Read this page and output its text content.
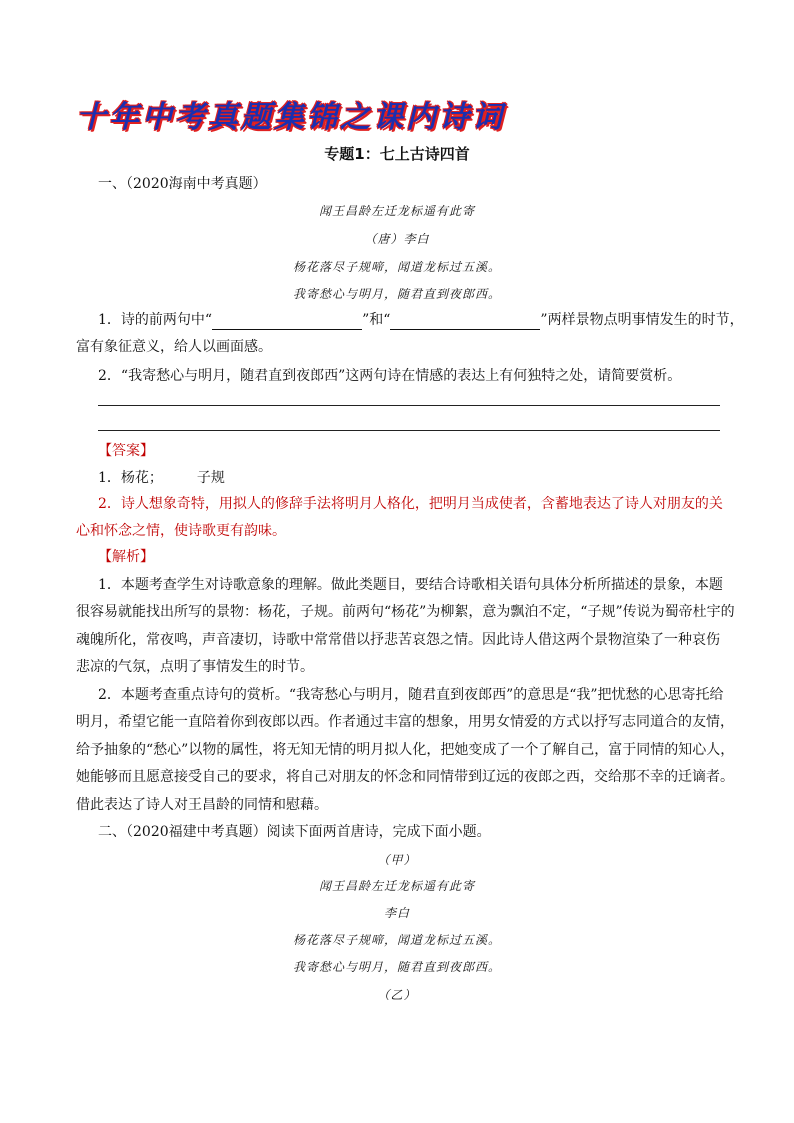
十年中考真题集锦之课内诗词
专题1：七上古诗四首
一、（2020海南中考真题）
闻王昌龄左迁龙标遥有此寄
（唐）李白
杨花落尽子规啼，闻道龙标过五溪。
我寄愁心与明月，随君直到夜郎西。
1．诗的前两句中“	”和“	”两样景物点明事情发生的时节，
富有象征意义，给人以画面感。
2．“我寄愁心与明月，随君直到夜郎西”这两句诗在情感的表达上有何独特之处，请简要赏析。
【答案】
1．杨花； 子规
2．诗人想象奇特，用拟人的修辞手法将明月人格化，把明月当成使者，含蓄地表达了诗人对朋友的关
心和怀念之情，使诗歌更有韵味。
【解析】
1．本题考查学生对诗歌意象的理解。做此类题目，要结合诗歌相关语句具体分析所描述的景象，本题
很容易就能找出所写的景物：杨花，子规。前两句“杨花”为柳絮，意为飘泊不定，“子规”传说为蜀帝杜宇的
魂魄所化，常夜鸣，声音凄切，诗歌中常常借以抒悲苦哀怨之情。因此诗人借这两个景物渲染了一种哀伤
悲凉的气氛，点明了事情发生的时节。
2．本题考查重点诗句的赏析。“我寄愁心与明月，随君直到夜郎西”的意思是“我”把忧愁的心思寄托给
明月，希望它能一直陪着你到夜郎以西。作者通过丰富的想象，用男女情爱的方式以抒写志同道合的友情，
给予抽象的“愁心”以物的属性，将无知无情的明月拟人化，把她变成了一个了解自己，富于同情的知心人，
她能够而且愿意接受自己的要求，将自己对朋友的怀念和同情带到辽远的夜郎之西，交给那不幸的迁谪者。
借此表达了诗人对王昌龄的同情和慰藉。
二、（2020福建中考真题）阅读下面两首唐诗，完成下面小题。
（甲）
闻王昌龄左迁龙标遥有此寄
李白
杨花落尽子规啼，闻道龙标过五溪。
我寄愁心与明月，随君直到夜郎西。
（乙）
